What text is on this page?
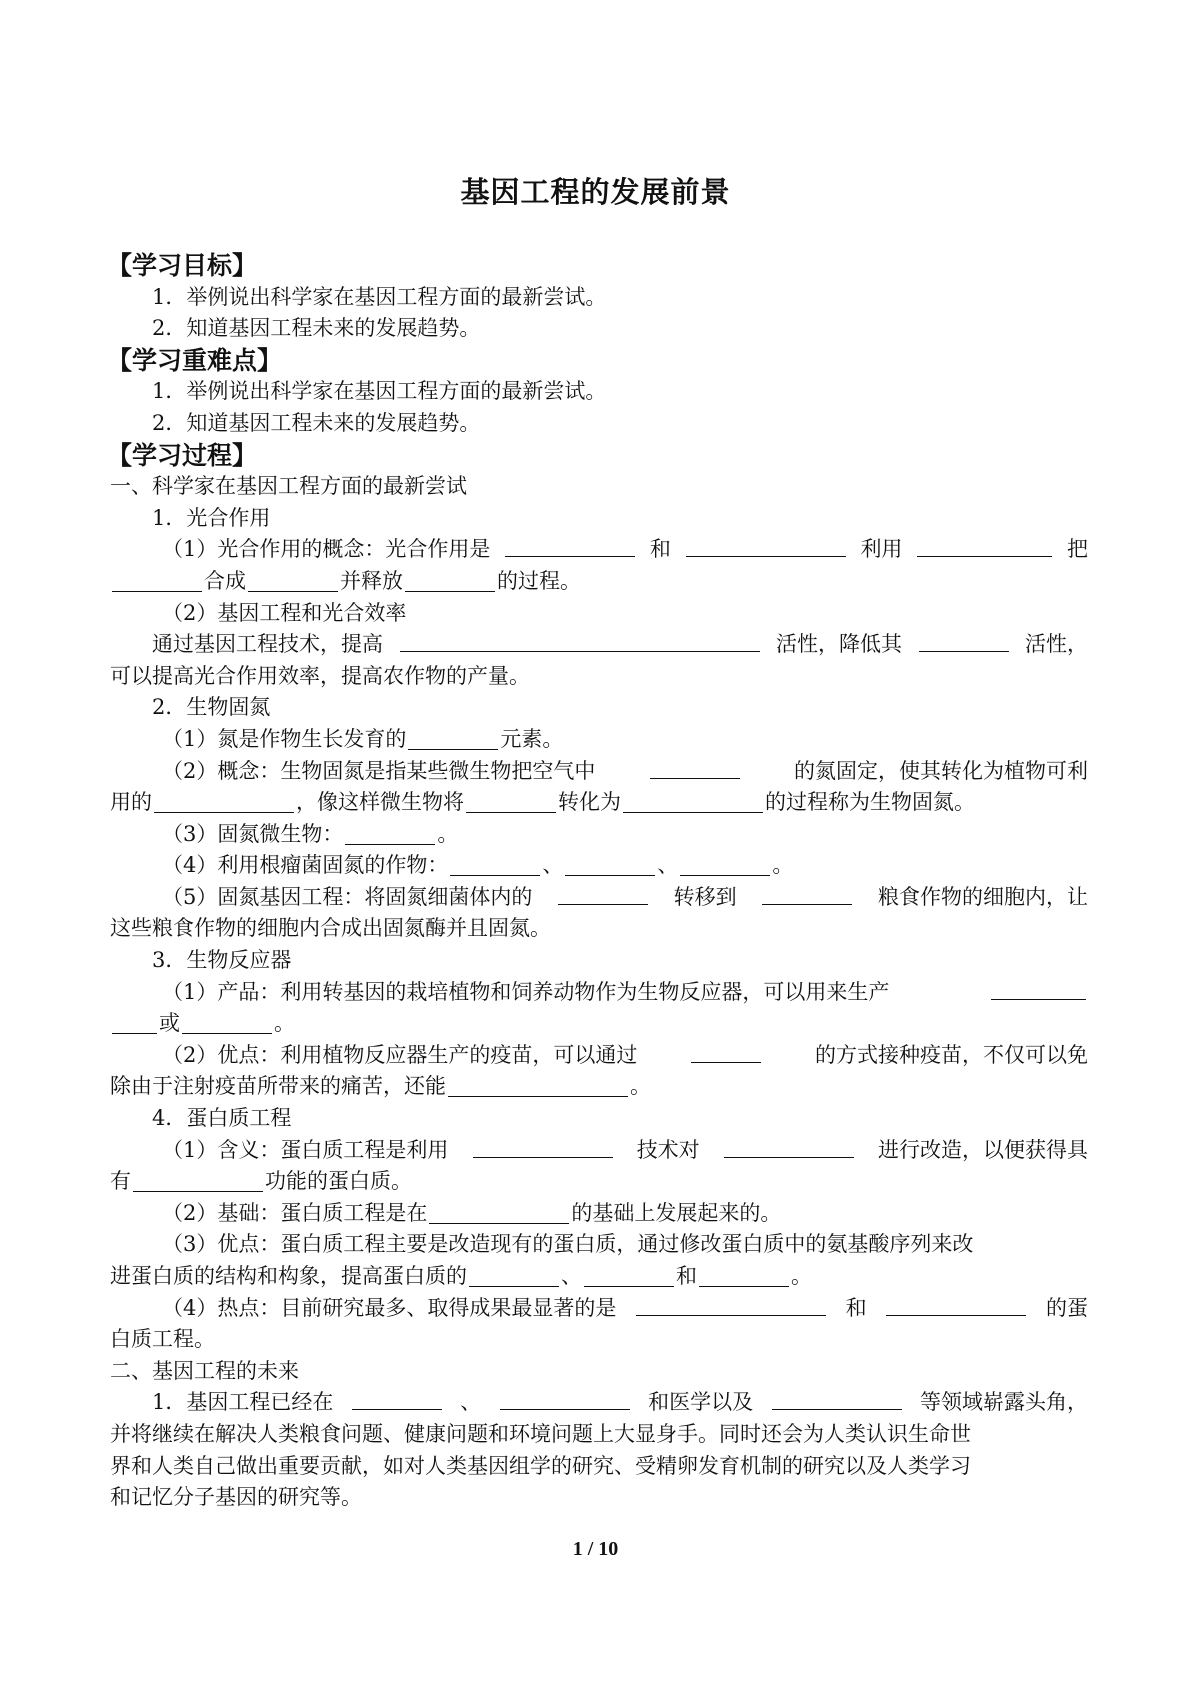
基因工程的发展前景
【学习目标】
1．举例说出科学家在基因工程方面的最新尝试。
2．知道基因工程未来的发展趋势。
【学习重难点】
1．举例说出科学家在基因工程方面的最新尝试。
2．知道基因工程未来的发展趋势。
【学习过程】
一、科学家在基因工程方面的最新尝试
1．光合作用
（1）光合作用的概念：光合作用是	和	利用	把
合成	并释放	的过程。
（2）基因工程和光合效率
通过基因工程技术，提高	活性，降低其	活性，
可以提高光合作用效率，提高农作物的产量。
2．生物固氮
（1）氮是作物生长发育的	元素。
（2）概念：生物固氮是指某些微生物把空气中	的氮固定，使其转化为植物可利
用的	，像这样微生物将	转化为	的过程称为生物固氮。
（3）固氮微生物：	。
（4）利用根瘤菌固氮的作物：	、	、	。
（5）固氮基因工程：将固氮细菌体内的	转移到	粮食作物的细胞内，让
这些粮食作物的细胞内合成出固氮酶并且固氮。
3．生物反应器
（1）产品：利用转基因的栽培植物和饲养动物作为生物反应器，可以用来生产
或	。
（2）优点：利用植物反应器生产的疫苗，可以通过	的方式接种疫苗，不仅可以免
除由于注射疫苗所带来的痛苦，还能	。
4．蛋白质工程
（1）含义：蛋白质工程是利用	技术对	进行改造，以便获得具
有	功能的蛋白质。
（2）基础：蛋白质工程是在	的基础上发展起来的。
（3）优点：蛋白质工程主要是改造现有的蛋白质，通过修改蛋白质中的氨基酸序列来改
进蛋白质的结构和构象，提高蛋白质的	、	和	。
（4）热点：目前研究最多、取得成果最显著的是	和	的蛋
白质工程。
二、基因工程的未来
1．基因工程已经在	、	和医学以及	等领域崭露头角，
并将继续在解决人类粮食问题、健康问题和环境问题上大显身手。同时还会为人类认识生命世
界和人类自己做出重要贡献，如对人类基因组学的研究、受精卵发育机制的研究以及人类学习
和记忆分子基因的研究等。
1 / 10
